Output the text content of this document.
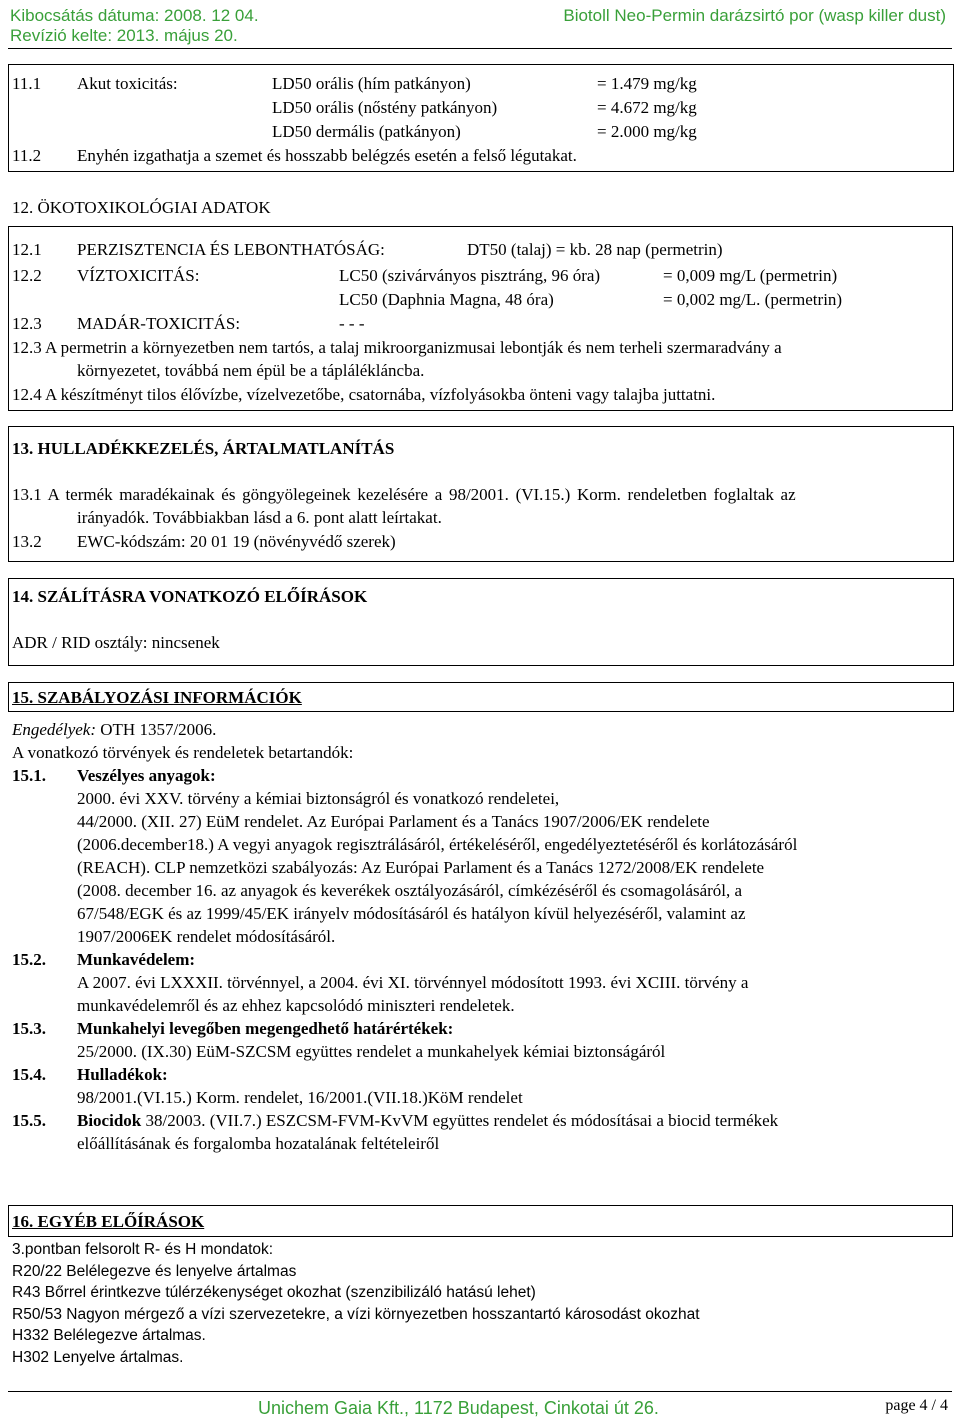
Kibocsátás dátuma: 2008. 12 04.
Revízió kelte: 2013. május 20.
Biotoll Neo-Permin darázsirtó por (wasp killer dust)
11.1 Akut toxicitás:	LD50 orális (hím patkányon)	= 1.479 mg/kg
LD50 orális (nőstény patkányon)	= 4.672 mg/kg
LD50 dermális (patkányon)	= 2.000 mg/kg
11.2 Enyhén izgathatja a szemet és hosszabb belégzés esetén a felső légutakat.
12. ÖKOTOXIKOLÓGIAI ADATOK
12.1 PERZISZTENCIA ÉS LEBONTHATÓSÁG:	DT50 (talaj) = kb. 28 nap (permetrin)
12.2 VÍZTOXICITÁS:	LC50 (szivárványos pisztráng, 96 óra)	= 0,009 mg/L (permetrin)
LC50 (Daphnia Magna, 48 óra)	= 0,002 mg/L. (permetrin)
12.3 MADÁR-TOXICITÁS:	- - -
12.3 A permetrin a környezetben nem tartós, a talaj mikroorganizmusai lebontják és nem terheli szermaradvány a
környezetet, továbbá nem épül be a táplálékláncba.
12.4 A készítményt tilos élővízbe, vízelvezetőbe, csatornába, vízfolyásokba önteni vagy talajba juttatni.
13. HULLADÉKKEZELÉS, ÁRTALMATLANÍTÁS
13.1 A termék maradékainak és göngyölegeinek kezelésére a 98/2001. (VI.15.) Korm. rendeletben foglaltak az
irányadók. Továbbiakban lásd a 6. pont alatt leírtakat.
13.2 EWC-kódszám: 20 01 19 (növényvédő szerek)
14. SZÁLÍTÁSRA VONATKOZÓ ELŐÍRÁSOK
ADR / RID osztály: nincsenek
15. SZABÁLYOZÁSI INFORMÁCIÓK
Engedélyek: OTH 1357/2006.
A vonatkozó törvények és rendeletek betartandók:
15.1. Veszélyes anyagok:
2000. évi XXV. törvény a kémiai biztonságról és vonatkozó rendeletei,
44/2000. (XII. 27) EüM rendelet. Az Európai Parlament és a Tanács 1907/2006/EK rendelete
(2006.december18.) A vegyi anyagok regisztrálásáról, értékeléséről, engedélyeztetéséről és korlátozásáról
(REACH). CLP nemzetközi szabályozás: Az Európai Parlament és a Tanács 1272/2008/EK rendelete
(2008. december 16. az anyagok és keverékek osztályozásáról, címkézéséről és csomagolásáról, a
67/548/EGK és az 1999/45/EK irányelv módosításáról és hatályon kívül helyezéséről, valamint az
1907/2006EK rendelet módosításáról.
15.2. Munkavédelem:
A 2007. évi LXXXII. törvénnyel, a 2004. évi XI. törvénnyel módosított 1993. évi XCIII. törvény a
munkavédelemről és az ehhez kapcsolódó miniszteri rendeletek.
15.3. Munkahelyi levegőben megengedhető határértékek:
25/2000. (IX.30) EüM-SZCSM együttes rendelet a munkahelyek kémiai biztonságáról
15.4. Hulladékok:
98/2001.(VI.15.) Korm. rendelet, 16/2001.(VII.18.)KöM rendelet
15.5. Biocidok 38/2003. (VII.7.) ESZCSM-FVM-KvVM együttes rendelet és módosításai a biocid termékek
előállításának és forgalomba hozatalának feltételeiről
16. EGYÉB ELŐÍRÁSOK
3.pontban felsorolt R- és H mondatok:
R20/22 Belélegezve és lenyelve ártalmas
R43 Bőrrel érintkezve túlérzékenységet okozhat (szenzibilizáló hatású lehet)
R50/53 Nagyon mérgező a vízi szervezetekre, a vízi környezetben hosszantartó károsodást okozhat
H332 Belélegezve ártalmas.
H302 Lenyelve ártalmas.
Unichem Gaia Kft., 1172 Budapest, Cinkotai út 26.	page 4 / 4
